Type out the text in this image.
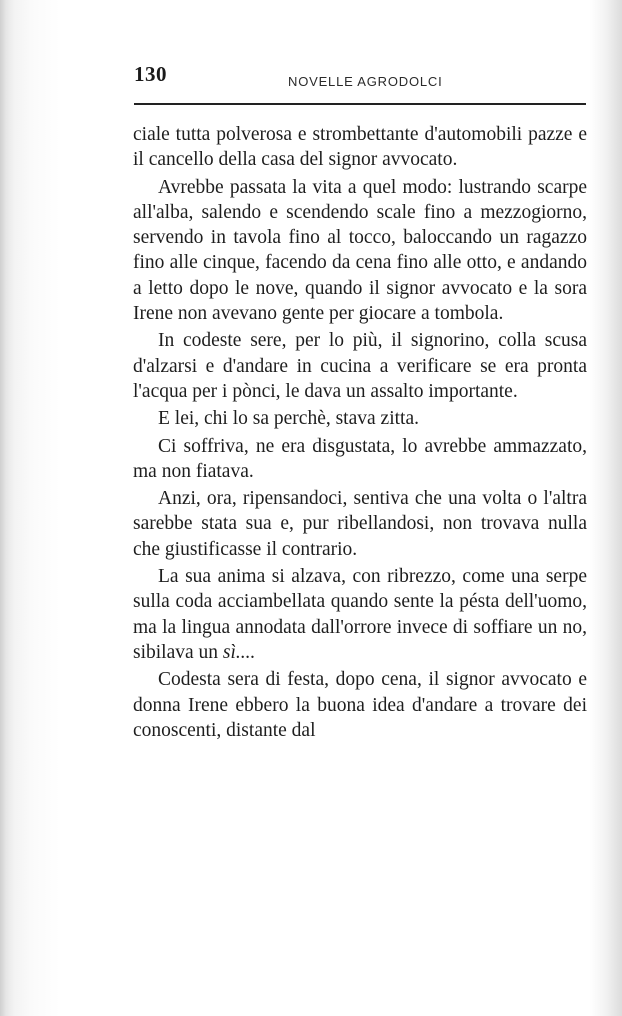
130	NOVELLE AGRODOLCI

ciale tutta polverosa e strombettante d'automobili pazze e il cancello della casa del signor avvocato.

Avrebbe passata la vita a quel modo: lustrando scarpe all'alba, salendo e scendendo scale fino a mezzogiorno, servendo in tavola fino al tocco, baloccando un ragazzo fino alle cinque, facendo da cena fino alle otto, e andando a letto dopo le nove, quando il signor avvocato e la sora Irene non avevano gente per giocare a tombola.

In codeste sere, per lo più, il signorino, colla scusa d'alzarsi e d'andare in cucina a verificare se era pronta l'acqua per i pònci, le dava un assalto importante.

E lei, chi lo sa perchè, stava zitta.

Ci soffriva, ne era disgustata, lo avrebbe ammazzato, ma non fiatava.

Anzi, ora, ripensandoci, sentiva che una volta o l'altra sarebbe stata sua e, pur ribellandosi, non trovava nulla che giustificasse il contrario.

La sua anima si alzava, con ribrezzo, come una serpe sulla coda acciambellata quando sente la pésta dell'uomo, ma la lingua annodata dall'orrore invece di soffiare un no, sibilava un sì....

Codesta sera di festa, dopo cena, il signor avvocato e donna Irene ebbero la buona idea d'andare a trovare dei conoscenti, distante dal
